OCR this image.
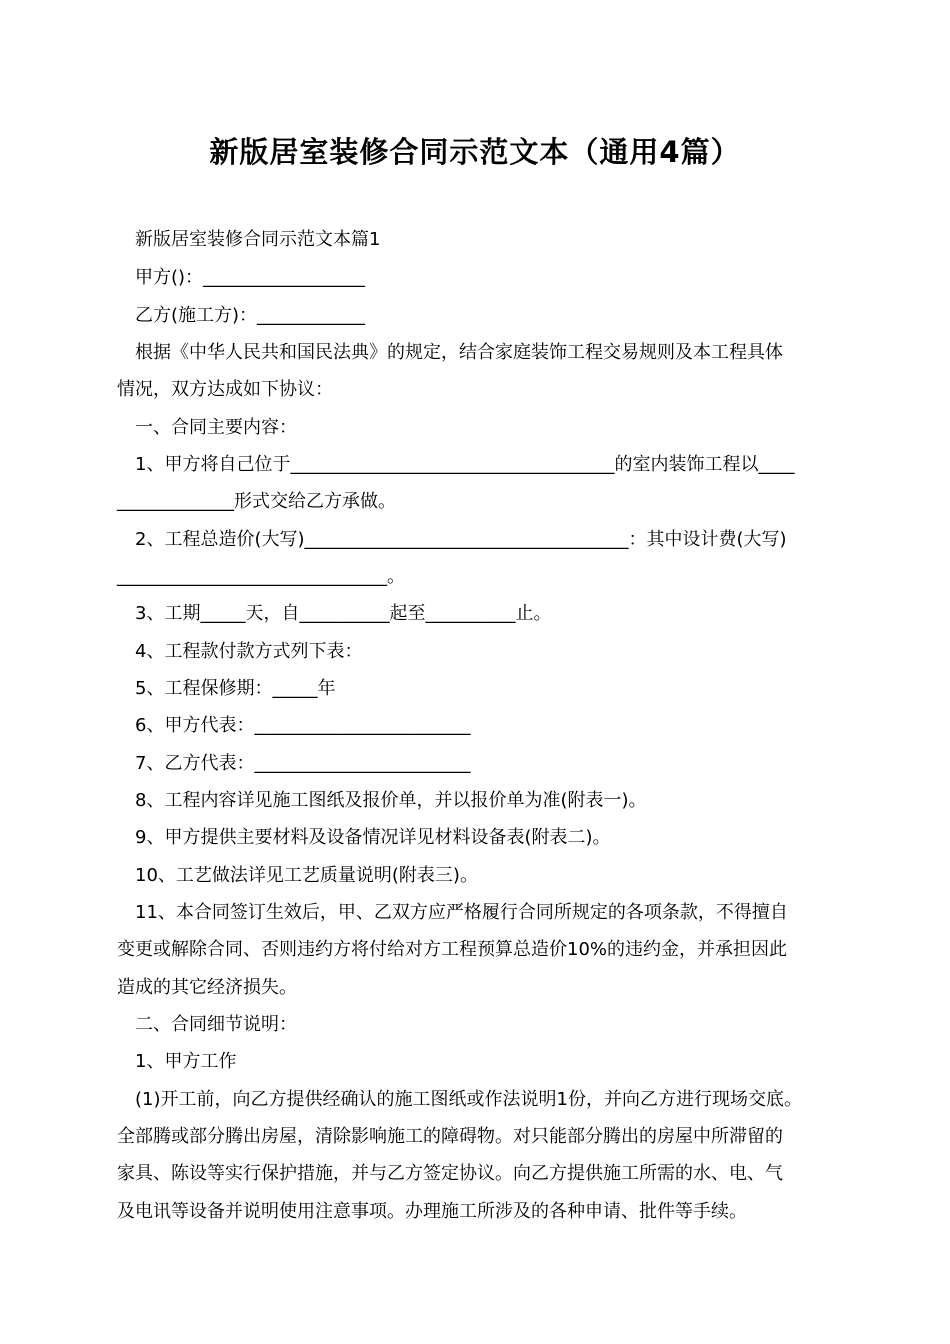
新版居室装修合同示范文本（通用4篇）
新版居室装修合同示范文本篇1
甲方()：__________________
乙方(施工方)：____________
根据《中华人民共和国民法典》的规定，结合家庭装饰工程交易规则及本工程具体
情况，双方达成如下协议：
一、合同主要内容：
1、甲方将自己位于____________________________________的室内装饰工程以____
_____________形式交给乙方承做。
2、工程总造价(大写)____________________________________：其中设计费(大写)
______________________________。
3、工期_____天，自__________起至__________止。
4、工程款付款方式列下表：
5、工程保修期：_____年
6、甲方代表：________________________
7、乙方代表：________________________
8、工程内容详见施工图纸及报价单，并以报价单为准(附表一)。
9、甲方提供主要材料及设备情况详见材料设备表(附表二)。
10、工艺做法详见工艺质量说明(附表三)。
11、本合同签订生效后，甲、乙双方应严格履行合同所规定的各项条款，不得擅自
变更或解除合同、否则违约方将付给对方工程预算总造价10%的违约金，并承担因此
造成的其它经济损失。
二、合同细节说明：
1、甲方工作
(1)开工前，向乙方提供经确认的施工图纸或作法说明1份，并向乙方进行现场交底。
全部腾或部分腾出房屋，清除影响施工的障碍物。对只能部分腾出的房屋中所滞留的
家具、陈设等实行保护措施，并与乙方签定协议。向乙方提供施工所需的水、电、气
及电讯等设备并说明使用注意事项。办理施工所涉及的各种申请、批件等手续。
